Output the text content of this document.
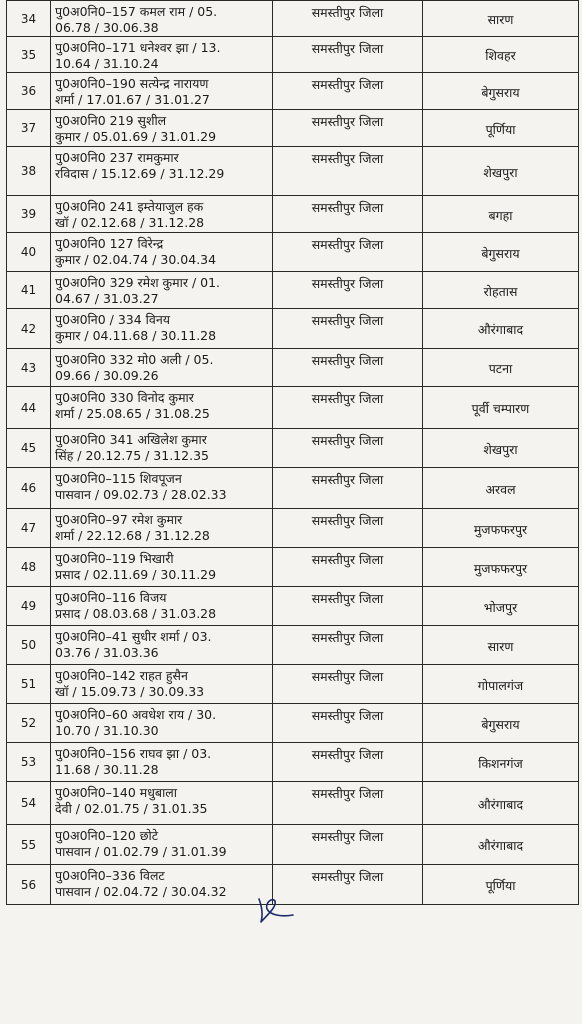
34	पु0अ0नि0–157 कमल राम / 05.
06.78 / 30.06.38	समस्तीपुर जिला	सारण
35	पु0अ0नि0–171 धनेश्वर झा / 13.
10.64 / 31.10.24	समस्तीपुर जिला	शिवहर
36	पु0अ0नि0–190 सत्येन्द्र नारायण
शर्मा / 17.01.67 / 31.01.27	समस्तीपुर जिला	बेगुसराय
37	पु0अ0नि0 219 सुशील
कुमार / 05.01.69 / 31.01.29	समस्तीपुर जिला	पूर्णिया
38	पु0अ0नि0 237 रामकुमार
रविदास / 15.12.69 / 31.12.29	समस्तीपुर जिला	शेखपुरा
39	पु0अ0नि0 241 इम्तेयाजुल हक
खॉ / 02.12.68 / 31.12.28	समस्तीपुर जिला	बगहा
40	पु0अ0नि0 127 विरेन्द्र
कुमार / 02.04.74 / 30.04.34	समस्तीपुर जिला	बेगुसराय
41	पु0अ0नि0 329 रमेश कुमार / 01.
04.67 / 31.03.27	समस्तीपुर जिला	रोहतास
42	पु0अ0नि0 / 334 विनय
कुमार / 04.11.68 / 30.11.28	समस्तीपुर जिला	औरंगाबाद
43	पु0अ0नि0 332 मो0 अली / 05.
09.66 / 30.09.26	समस्तीपुर जिला	पटना
44	पु0अ0नि0 330 विनोद कुमार
शर्मा / 25.08.65 / 31.08.25	समस्तीपुर जिला	पूर्वी चम्पारण
45	पु0अ0नि0 341 अखिलेश कुमार
सिंह / 20.12.75 / 31.12.35	समस्तीपुर जिला	शेखपुरा
46	पु0अ0नि0–115 शिवपूजन
पासवान / 09.02.73 / 28.02.33	समस्तीपुर जिला	अरवल
47	पु0अ0नि0–97 रमेश कुमार
शर्मा / 22.12.68 / 31.12.28	समस्तीपुर जिला	मुजफफरपुर
48	पु0अ0नि0–119 भिखारी
प्रसाद / 02.11.69 / 30.11.29	समस्तीपुर जिला	मुजफफरपुर
49	पु0अ0नि0–116 विजय
प्रसाद / 08.03.68 / 31.03.28	समस्तीपुर जिला	भोजपुर
50	पु0अ0नि0–41 सुधीर शर्मा / 03.
03.76 / 31.03.36	समस्तीपुर जिला	सारण
51	पु0अ0नि0–142 राहत हुसैन
खॉ / 15.09.73 / 30.09.33	समस्तीपुर जिला	गोपालगंज
52	पु0अ0नि0–60 अवधेश राय / 30.
10.70 / 31.10.30	समस्तीपुर जिला	बेगुसराय
53	पु0अ0नि0–156 राघव झा / 03.
11.68 / 30.11.28	समस्तीपुर जिला	किशनगंज
54	पु0अ0नि0–140 मधुबाला
देवी / 02.01.75 / 31.01.35	समस्तीपुर जिला	औरंगाबाद
55	पु0अ0नि0–120 छोटे
पासवान / 01.02.79 / 31.01.39	समस्तीपुर जिला	औरंगाबाद
56	पु0अ0नि0–336 विलट
पासवान / 02.04.72 / 30.04.32	समस्तीपुर जिला	पूर्णिया
